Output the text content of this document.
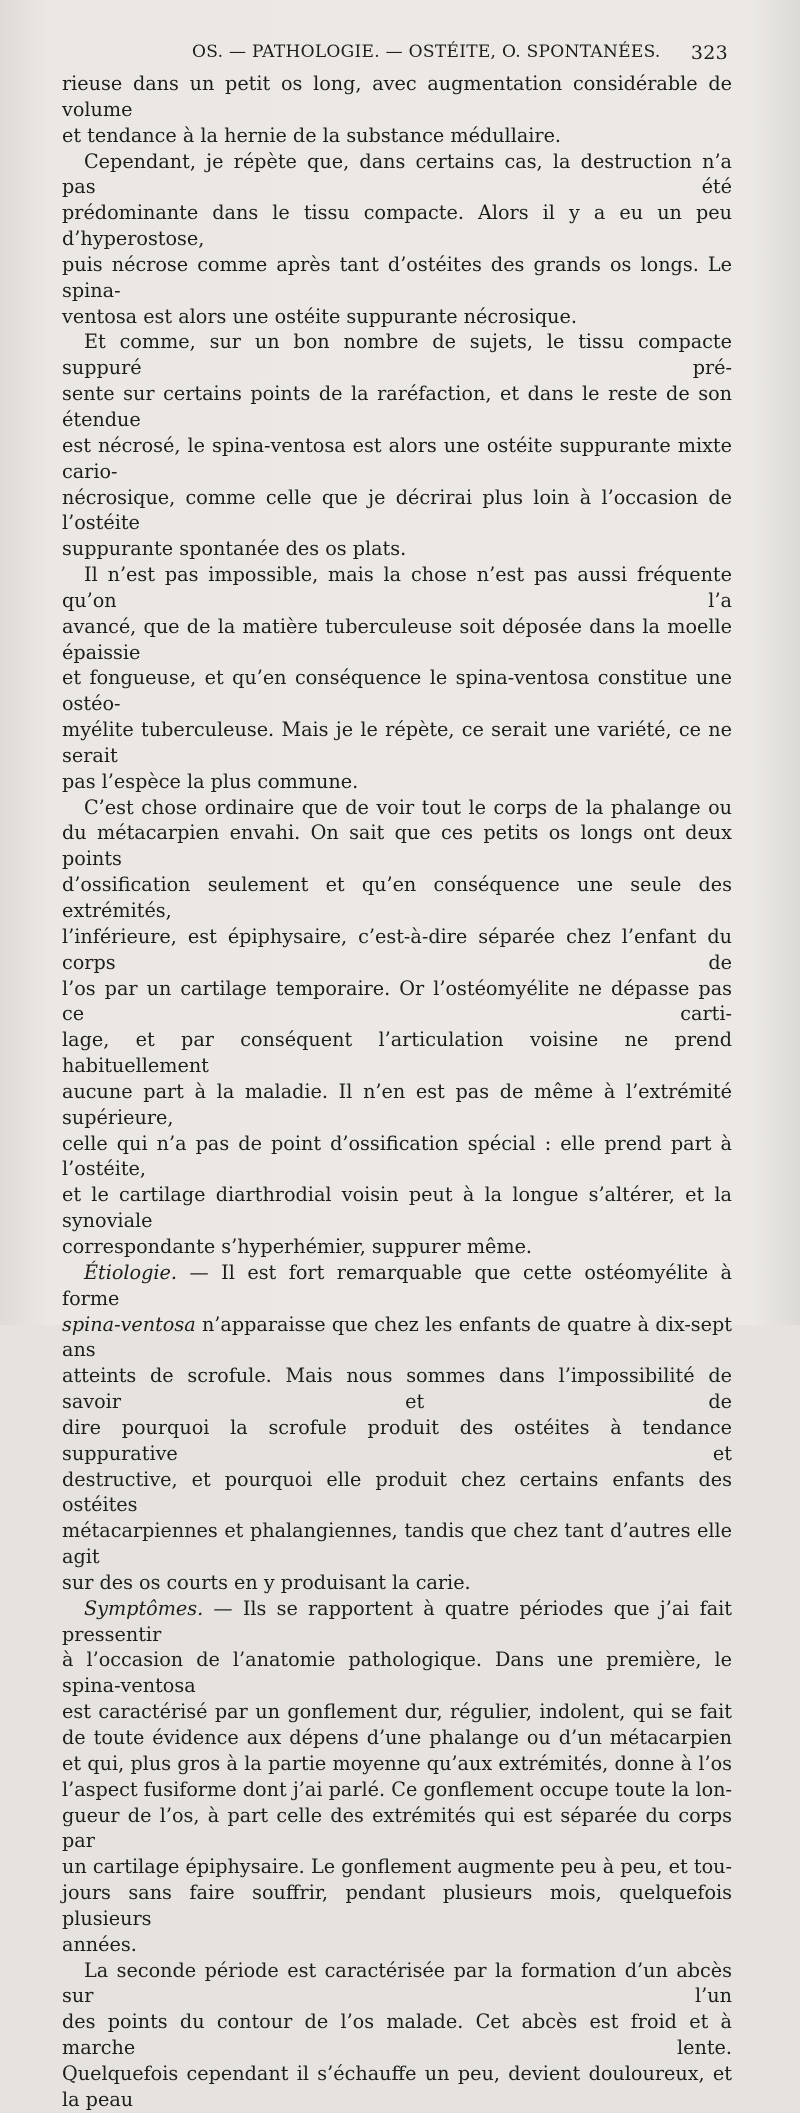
OS. — PATHOLOGIE. — OSTÉITE, O. SPONTANÉES. 323

rieuse dans un petit os long, avec augmentation considérable de volume

et tendance à la hernie de la substance médullaire.

Cependant, je répète que, dans certains cas, la destruction n’a pas été

prédominante dans le tissu compacte. Alors il y a eu un peu d’hyperostose,

puis nécrose comme après tant d’ostéites des grands os longs. Le spina-

ventosa est alors une ostéite suppurante nécrosique.

Et comme, sur un bon nombre de sujets, le tissu compacte suppuré pré-

sente sur certains points de la raréfaction, et dans le reste de son étendue

est nécrosé, le spina-ventosa est alors une ostéite suppurante mixte cario-

nécrosique, comme celle que je décrirai plus loin à l’occasion de l’ostéite

suppurante spontanée des os plats.

Il n’est pas impossible, mais la chose n’est pas aussi fréquente qu’on l’a

avancé, que de la matière tuberculeuse soit déposée dans la moelle épaissie

et fongueuse, et qu’en conséquence le spina-ventosa constitue une ostéo-

myélite tuberculeuse. Mais je le répète, ce serait une variété, ce ne serait

pas l’espèce la plus commune.

C’est chose ordinaire que de voir tout le corps de la phalange ou

du métacarpien envahi. On sait que ces petits os longs ont deux points

d’ossification seulement et qu’en conséquence une seule des extrémités,

l’inférieure, est épiphysaire, c’est-à-dire séparée chez l’enfant du corps de

l’os par un cartilage temporaire. Or l’ostéomyélite ne dépasse pas ce carti-

lage, et par conséquent l’articulation voisine ne prend habituellement

aucune part à la maladie. Il n’en est pas de même à l’extrémité supérieure,

celle qui n’a pas de point d’ossification spécial : elle prend part à l’ostéite,

et le cartilage diarthrodial voisin peut à la longue s’altérer, et la synoviale

correspondante s’hyperhémier, suppurer même.

Étiologie. — Il est fort remarquable que cette ostéomyélite à forme

spina-ventosa n’apparaisse que chez les enfants de quatre à dix-sept ans

atteints de scrofule. Mais nous sommes dans l’impossibilité de savoir et de

dire pourquoi la scrofule produit des ostéites à tendance suppurative et

destructive, et pourquoi elle produit chez certains enfants des ostéites

métacarpiennes et phalangiennes, tandis que chez tant d’autres elle agit

sur des os courts en y produisant la carie.

Symptômes. — Ils se rapportent à quatre périodes que j’ai fait pressentir

à l’occasion de l’anatomie pathologique. Dans une première, le spina-ventosa

est caractérisé par un gonflement dur, régulier, indolent, qui se fait

de toute évidence aux dépens d’une phalange ou d’un métacarpien

et qui, plus gros à la partie moyenne qu’aux extrémités, donne à l’os

l’aspect fusiforme dont j’ai parlé. Ce gonflement occupe toute la lon-

gueur de l’os, à part celle des extrémités qui est séparée du corps par

un cartilage épiphysaire. Le gonflement augmente peu à peu, et tou-

jours sans faire souffrir, pendant plusieurs mois, quelquefois plusieurs

années.

La seconde période est caractérisée par la formation d’un abcès sur l’un

des points du contour de l’os malade. Cet abcès est froid et à marche lente.

Quelquefois cependant il s’échauffe un peu, devient douloureux, et la peau
